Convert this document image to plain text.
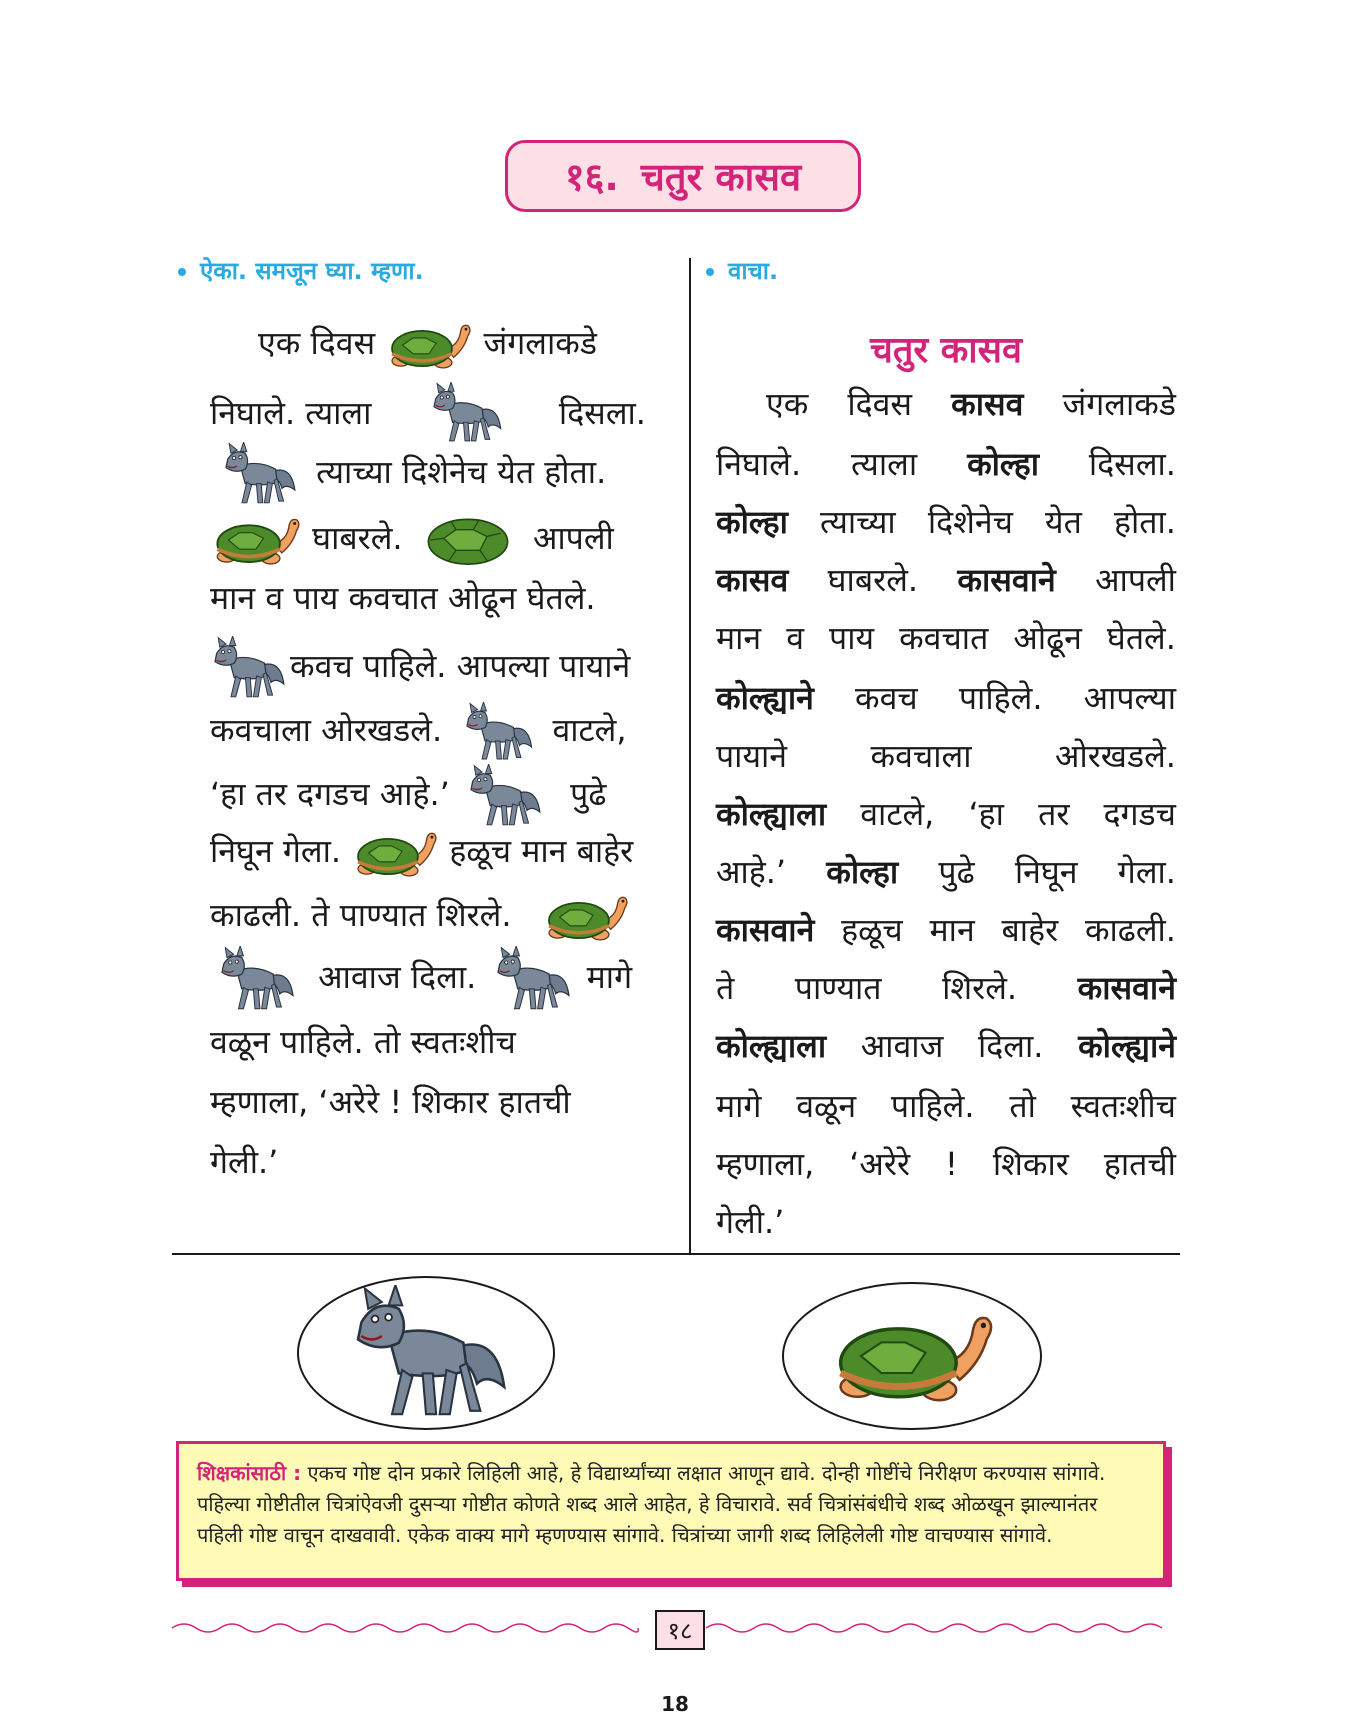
१६. चतुर कासव
ऐका. समजून घ्या. म्हणा.	वाचा.
एक दिवस	जंगलाकडे
निघाले. त्याला	दिसला.
त्याच्या दिशेनेच येत होता.
घाबरले.	आपली
मान व पाय कवचात ओढून घेतले.
कवच पाहिले. आपल्या पायाने
कवचाला ओरखडले.	वाटले,
‘हा तर दगडच आहे.’	पुढे
निघून गेला.	हळूच मान बाहेर
काढली. ते पाण्यात शिरले.
आवाज दिला.	मागे
वळून पाहिले. तो स्वतःशीच
म्हणाला, ‘अरेरे ! शिकार हातची
गेली.’
चतुर कासव
एक दिवस कासव जंगलाकडे
निघाले. त्याला कोल्हा दिसला.
कोल्हा त्याच्या दिशेनेच येत होता.
कासव घाबरले. कासवाने आपली
मान व पाय कवचात ओढून घेतले.
कोल्ह्याने कवच पाहिले. आपल्या
पायाने	कवचाला	ओरखडले.
कोल्ह्याला वाटले, ‘हा तर दगडच
आहे.’ कोल्हा पुढे निघून गेला.
कासवाने हळूच मान बाहेर काढली.
ते पाण्यात शिरले. कासवाने
कोल्ह्याला आवाज दिला. कोल्ह्याने
मागे वळून पाहिले. तो स्वतःशीच
म्हणाला, ‘अरेरे ! शिकार हातची
गेली.’
शिक्षकांसाठी : एकच गोष्ट दोन प्रकारे लिहिली आहे, हे विद्यार्थ्यांच्या लक्षात आणून द्यावे. दोन्ही गोष्टींचे निरीक्षण करण्यास सांगावे. पहिल्या गोष्टीतील चित्रांऐवजी दुसऱ्या गोष्टीत कोणते शब्द आले आहेत, हे विचारावे. सर्व चित्रांसंबंधीचे शब्द ओळखून झाल्यानंतर पहिली गोष्ट वाचून दाखवावी. एकेक वाक्य मागे म्हणण्यास सांगावे. चित्रांच्या जागी शब्द लिहिलेली गोष्ट वाचण्यास सांगावे.
१८
18
